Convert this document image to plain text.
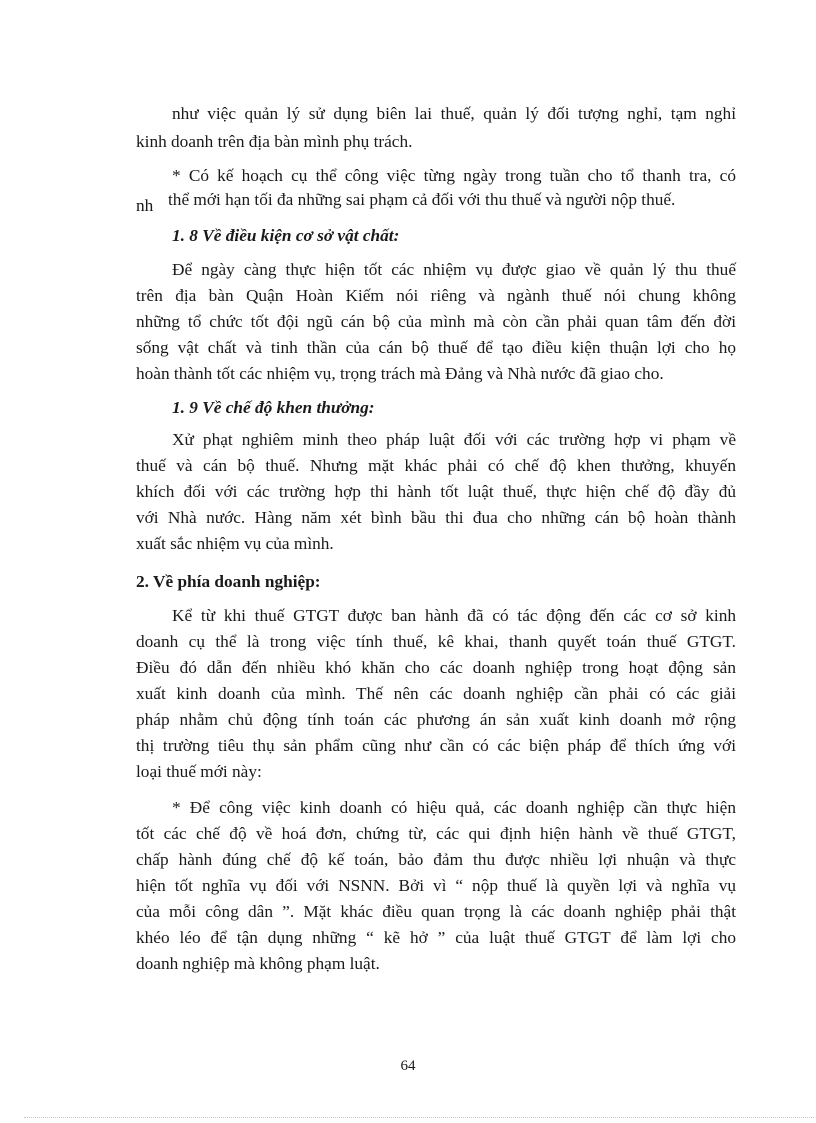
như việc quản lý sử dụng biên lai thuế, quản lý đối tượng nghỉ, tạm nghỉ
kinh doanh trên địa bàn mình phụ trách.
* Có kế hoạch cụ thể công việc từng ngày trong tuần cho tổ thanh tra, có
thể mới hạn tối đa những sai phạm cả đối với thu thuế và người nộp thuế.
nh
1. 8 Về điều kiện cơ sở vật chất:
Để ngày càng thực hiện tốt các nhiệm vụ được giao về quản lý thu thuế
trên địa bàn Quận Hoàn Kiếm nói riêng và ngành thuế nói chung không
những tổ chức tốt đội ngũ cán bộ của mình mà còn cần phải quan tâm đến đời
sống vật chất và tinh thần của cán bộ thuế để tạo điều kiện thuận lợi cho họ
hoàn thành tốt các nhiệm vụ, trọng trách mà Đảng và Nhà nước đã giao cho.
1. 9 Về chế độ khen thưởng:
Xử phạt nghiêm minh theo pháp luật đối với các trường hợp vi phạm về
thuế và cán bộ thuế. Nhưng mặt khác phải có chế độ khen thưởng, khuyến
khích đối với các trường hợp thi hành tốt luật thuế, thực hiện chế độ đầy đủ
với Nhà nước. Hàng năm xét bình bầu thi đua cho những cán bộ hoàn thành
xuất sắc nhiệm vụ của mình.
2. Về phía doanh nghiệp:
Kể từ khi thuế GTGT được ban hành đã có tác động đến các cơ sở kinh
doanh cụ thể là trong việc tính thuế, kê khai, thanh quyết toán thuế GTGT.
Điều đó dẫn đến nhiều khó khăn cho các doanh nghiệp trong hoạt động sản
xuất kinh doanh của mình. Thế nên các doanh nghiệp cần phải có các giải
pháp nhằm chủ động tính toán các phương án sản xuất kinh doanh mở rộng
thị trường tiêu thụ sản phẩm cũng như cần có các biện pháp để thích ứng với
loại thuế mới này:
* Để công việc kinh doanh có hiệu quả, các doanh nghiệp cần thực hiện
tốt các chế độ về hoá đơn, chứng từ, các qui định hiện hành về thuế GTGT,
chấp hành đúng chế độ kế toán, bảo đảm thu được nhiều lợi nhuận và thực
hiện tốt nghĩa vụ đối với NSNN. Bởi vì “ nộp thuế là quyền lợi và nghĩa vụ
của mỗi công dân ”. Mặt khác điều quan trọng là các doanh nghiệp phải thật
khéo léo để tận dụng những “ kẽ hở ” của luật thuế GTGT để làm lợi cho
doanh nghiệp mà không phạm luật.
64
